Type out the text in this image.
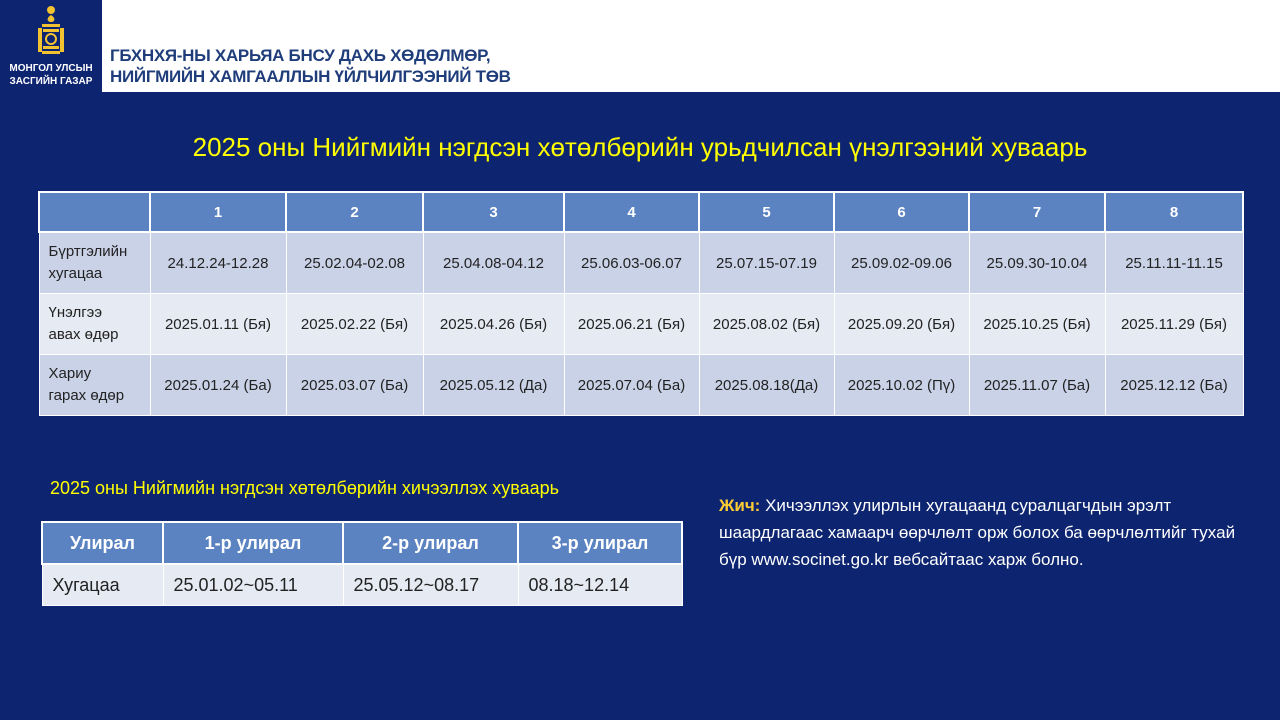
МОНГОЛ УЛСЫН
ЗАСГИЙН ГАЗАР
ГБХНХЯ-НЫ ХАРЬЯА БНСУ ДАХЬ ХӨДӨЛМӨР,
НИЙГМИЙН ХАМГААЛЛЫН ҮЙЛЧИЛГЭЭНИЙ ТӨВ
2025 оны Нийгмийн нэгдсэн хөтөлбөрийн урьдчилсан үнэлгээний хуваарь
	1	2	3	4	5	6	7	8
Бүртгэлийн
хугацаа	24.12.24-12.28	25.02.04-02.08	25.04.08-04.12	25.06.03-06.07	25.07.15-07.19	25.09.02-09.06	25.09.30-10.04	25.11.11-11.15
Үнэлгээ
авах өдөр	2025.01.11 (Бя)	2025.02.22 (Бя)	2025.04.26 (Бя)	2025.06.21 (Бя)	2025.08.02 (Бя)	2025.09.20 (Бя)	2025.10.25 (Бя)	2025.11.29 (Бя)
Хариу
гарах өдөр	2025.01.24 (Ба)	2025.03.07 (Ба)	2025.05.12 (Да)	2025.07.04 (Ба)	2025.08.18(Да)	2025.10.02 (Пү)	2025.11.07 (Ба)	2025.12.12 (Ба)
2025 оны Нийгмийн нэгдсэн хөтөлбөрийн хичээллэх хуваарь
Улирал	1-р улирал	2-р улирал	3-р улирал
Хугацаа	25.01.02~05.11	25.05.12~08.17	08.18~12.14
Жич: Хичээллэх улирлын хугацаанд суралцагчдын эрэлт шаардлагаас хамаарч өөрчлөлт орж болох ба өөрчлөлтийг тухай бүр www.socinet.go.kr вебсайтаас харж болно.
